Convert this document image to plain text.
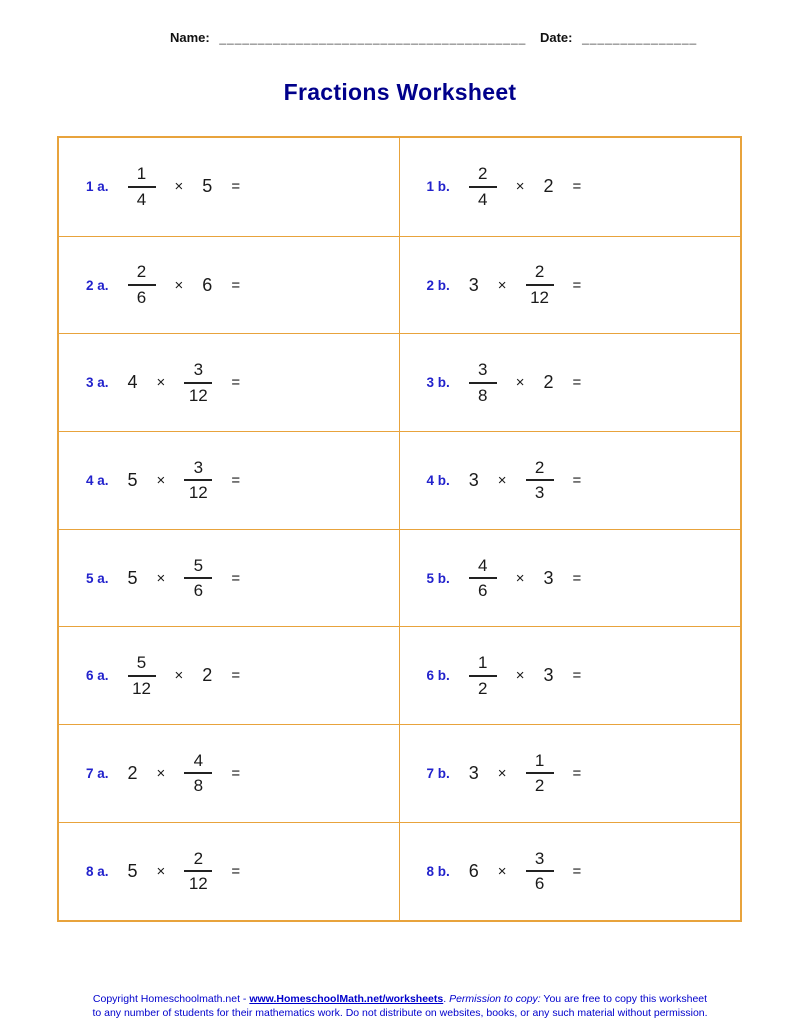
Name: ________________________________________ Date: _______________
Fractions Worksheet
1 a. $\frac{1}{4} \times 5$ =	1 b. $\frac{2}{4} \times 2$ =
2 a. $\frac{2}{6} \times 6$ =	2 b. $3 \times \frac{2}{12}$ =
3 a. $4 \times \frac{3}{12}$ =	3 b. $\frac{3}{8} \times 2$ =
4 a. $5 \times \frac{3}{12}$ =	4 b. $3 \times \frac{2}{3}$ =
5 a. $5 \times \frac{5}{6}$ =	5 b. $\frac{4}{6} \times 3$ =
6 a. $\frac{5}{12} \times 2$ =	6 b. $\frac{1}{2} \times 3$ =
7 a. $2 \times \frac{4}{8}$ =	7 b. $3 \times \frac{1}{2}$ =
8 a. $5 \times \frac{2}{12}$ =	8 b. $6 \times \frac{3}{6}$ =
Copyright Homeschoolmath.net - www.HomeschoolMath.net/worksheets. Permission to copy: You are free to copy this worksheet to any number of students for their mathematics work. Do not distribute on websites, books, or any such material without permission.
